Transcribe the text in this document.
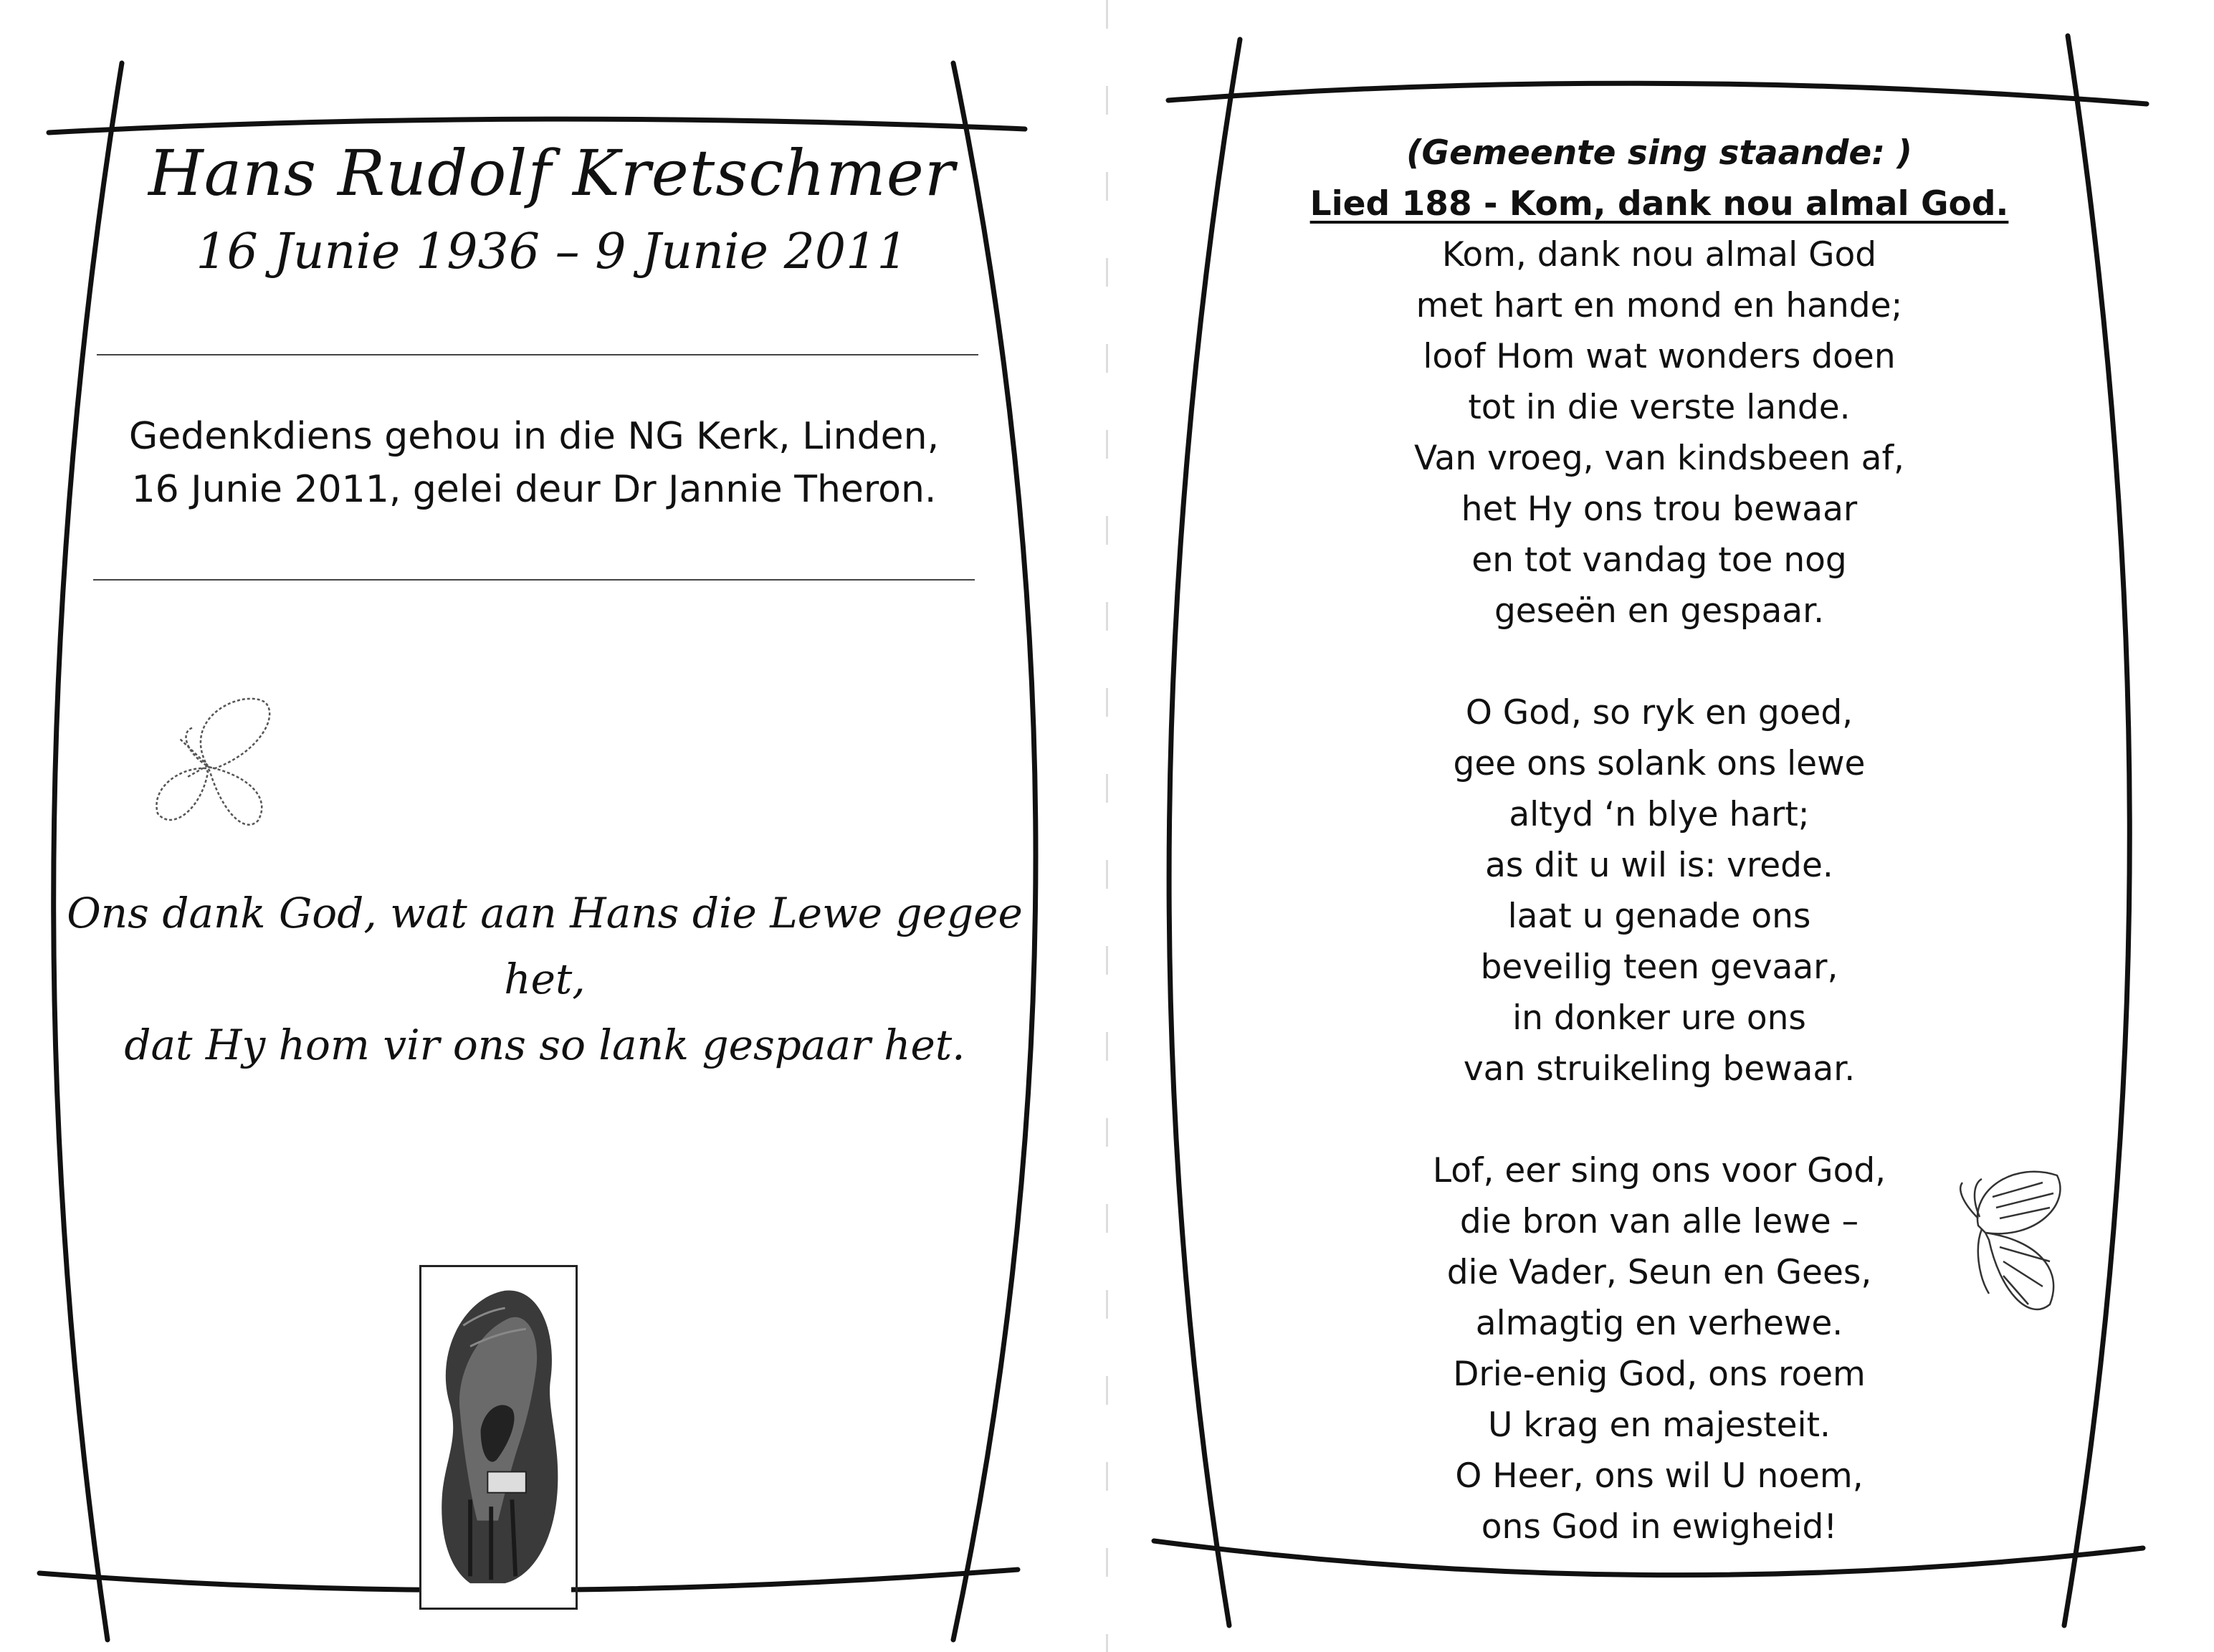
Hans Rudolf Kretschmer
16 Junie 1936 – 9 Junie 2011
Gedenkdiens gehou in die NG Kerk, Linden,
16 Junie 2011, gelei deur Dr Jannie Theron.
Ons dank God, wat aan Hans die Lewe gegee het,
dat Hy hom vir ons so lank gespaar het.
(Gemeente sing staande: )
Lied 188 - Kom, dank nou almal God.
Kom, dank nou almal God
met hart en mond en hande;
loof Hom wat wonders doen
tot in die verste lande.
Van vroeg, van kindsbeen af,
het Hy ons trou bewaar
en tot vandag toe nog
geseën en gespaar.
O God, so ryk en goed,
gee ons solank ons lewe
altyd ‘n blye hart;
as dit u wil is: vrede.
laat u genade ons
beveilig teen gevaar,
in donker ure ons
van struikeling bewaar.
Lof, eer sing ons voor God,
die bron van alle lewe –
die Vader, Seun en Gees,
almagtig en verhewe.
Drie-enig God, ons roem
U krag en majesteit.
O Heer, ons wil U noem,
ons God in ewigheid!
